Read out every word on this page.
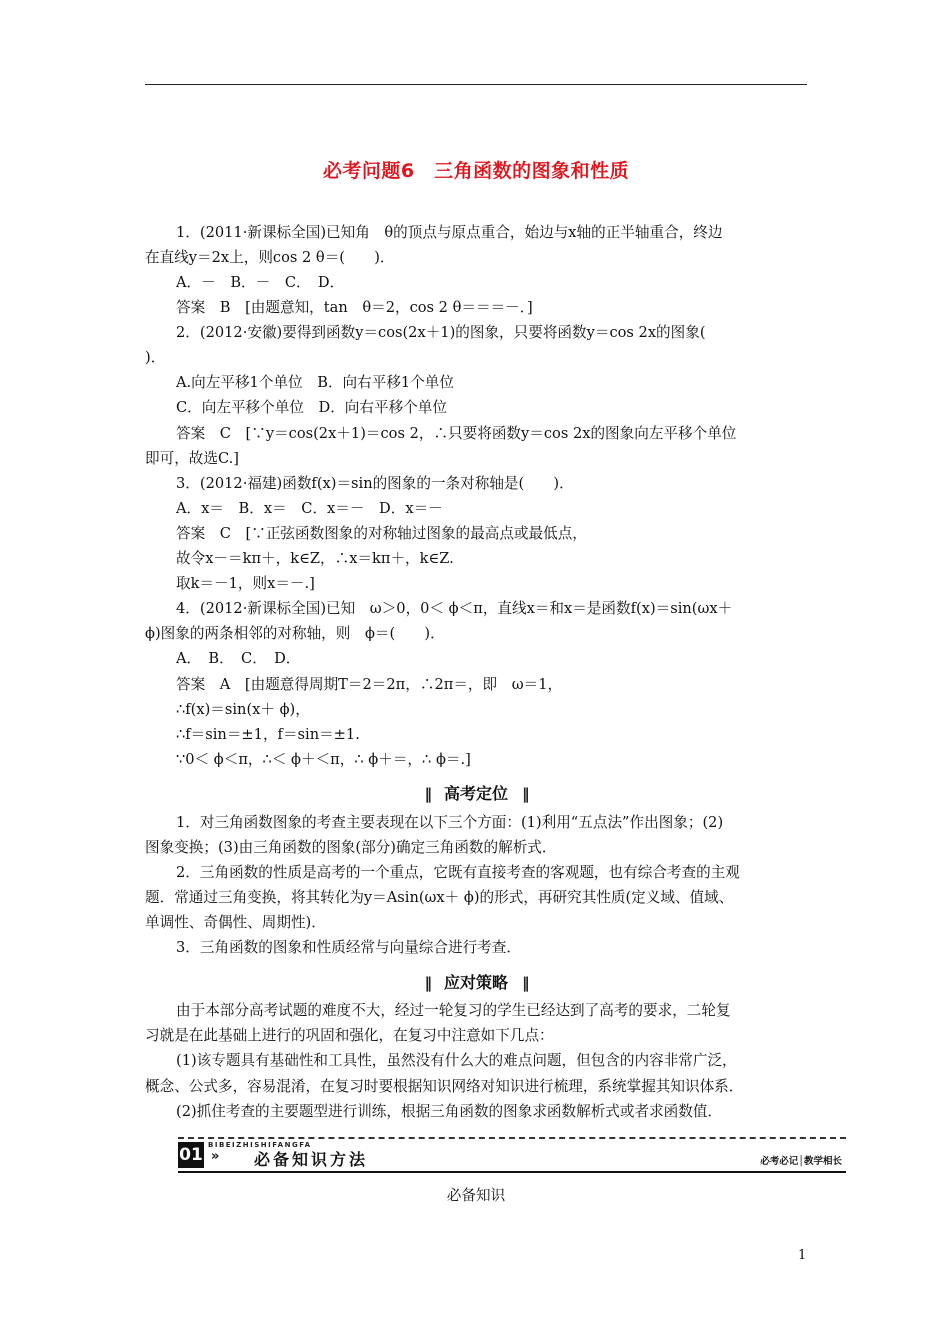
必考问题6　三角函数的图象和性质
1．(2011·新课标全国)已知角　θ的顶点与原点重合，始边与x轴的正半轴重合，终边
在直线y＝2x上，则cos 2 θ＝(　　)．
A．－　B．－　C．　D．
答案　B　[由题意知，tan　θ＝2，cos 2 θ＝＝＝－．]
2．(2012·安徽)要得到函数y＝cos(2x＋1)的图象，只要将函数y＝cos 2x的图象(
)．
A.向左平移1个单位　B．向右平移1个单位
C．向左平移个单位　D．向右平移个单位
答案　C　[∵y＝cos(2x＋1)＝cos 2，∴只要将函数y＝cos 2x的图象向左平移个单位
即可，故选C.]
3．(2012·福建)函数f(x)＝sin的图象的一条对称轴是(　　)．
A．x＝　B．x＝　C．x＝－　D．x＝－
答案　C　[∵正弦函数图象的对称轴过图象的最高点或最低点，
故令x－＝kπ＋，k∈Z，∴x＝kπ＋，k∈Z.
取k＝－1，则x＝－.]
4．(2012·新课标全国)已知　ω＞0，0＜ ϕ＜π，直线x＝和x＝是函数f(x)＝sin(ωx＋
ϕ)图象的两条相邻的对称轴，则　ϕ＝(　　)．
A．　B．　C．　D．
答案　A　[由题意得周期T＝2＝2π，∴2π＝，即　ω＝1，
∴f(x)＝sin(x＋ ϕ)，
∴f＝sin＝±1，f＝sin＝±1.
∵0＜ ϕ＜π，∴＜ ϕ＋＜π，∴ ϕ＋＝，∴ ϕ＝.]
‖ 高考定位 ‖
1．对三角函数图象的考查主要表现在以下三个方面：(1)利用“五点法”作出图象；(2)
图象变换；(3)由三角函数的图象(部分)确定三角函数的解析式．
2．三角函数的性质是高考的一个重点，它既有直接考查的客观题，也有综合考查的主观
题．常通过三角变换，将其转化为y＝Asin(ωx＋ ϕ)的形式，再研究其性质(定义域、值域、
单调性、奇偶性、周期性)．
3．三角函数的图象和性质经常与向量综合进行考查．
‖ 应对策略 ‖
由于本部分高考试题的难度不大，经过一轮复习的学生已经达到了高考的要求，二轮复
习就是在此基础上进行的巩固和强化，在复习中注意如下几点：
(1)该专题具有基础性和工具性，虽然没有什么大的难点问题，但包含的内容非常广泛，
概念、公式多，容易混淆，在复习时要根据知识网络对知识进行梳理，系统掌握其知识体系．
(2)抓住考查的主要题型进行训练，根据三角函数的图象求函数解析式或者求函数值．
01 BIBEIZHISHIFANGFA
» 必备知识方法	必考必记│教学相长
必备知识
1
